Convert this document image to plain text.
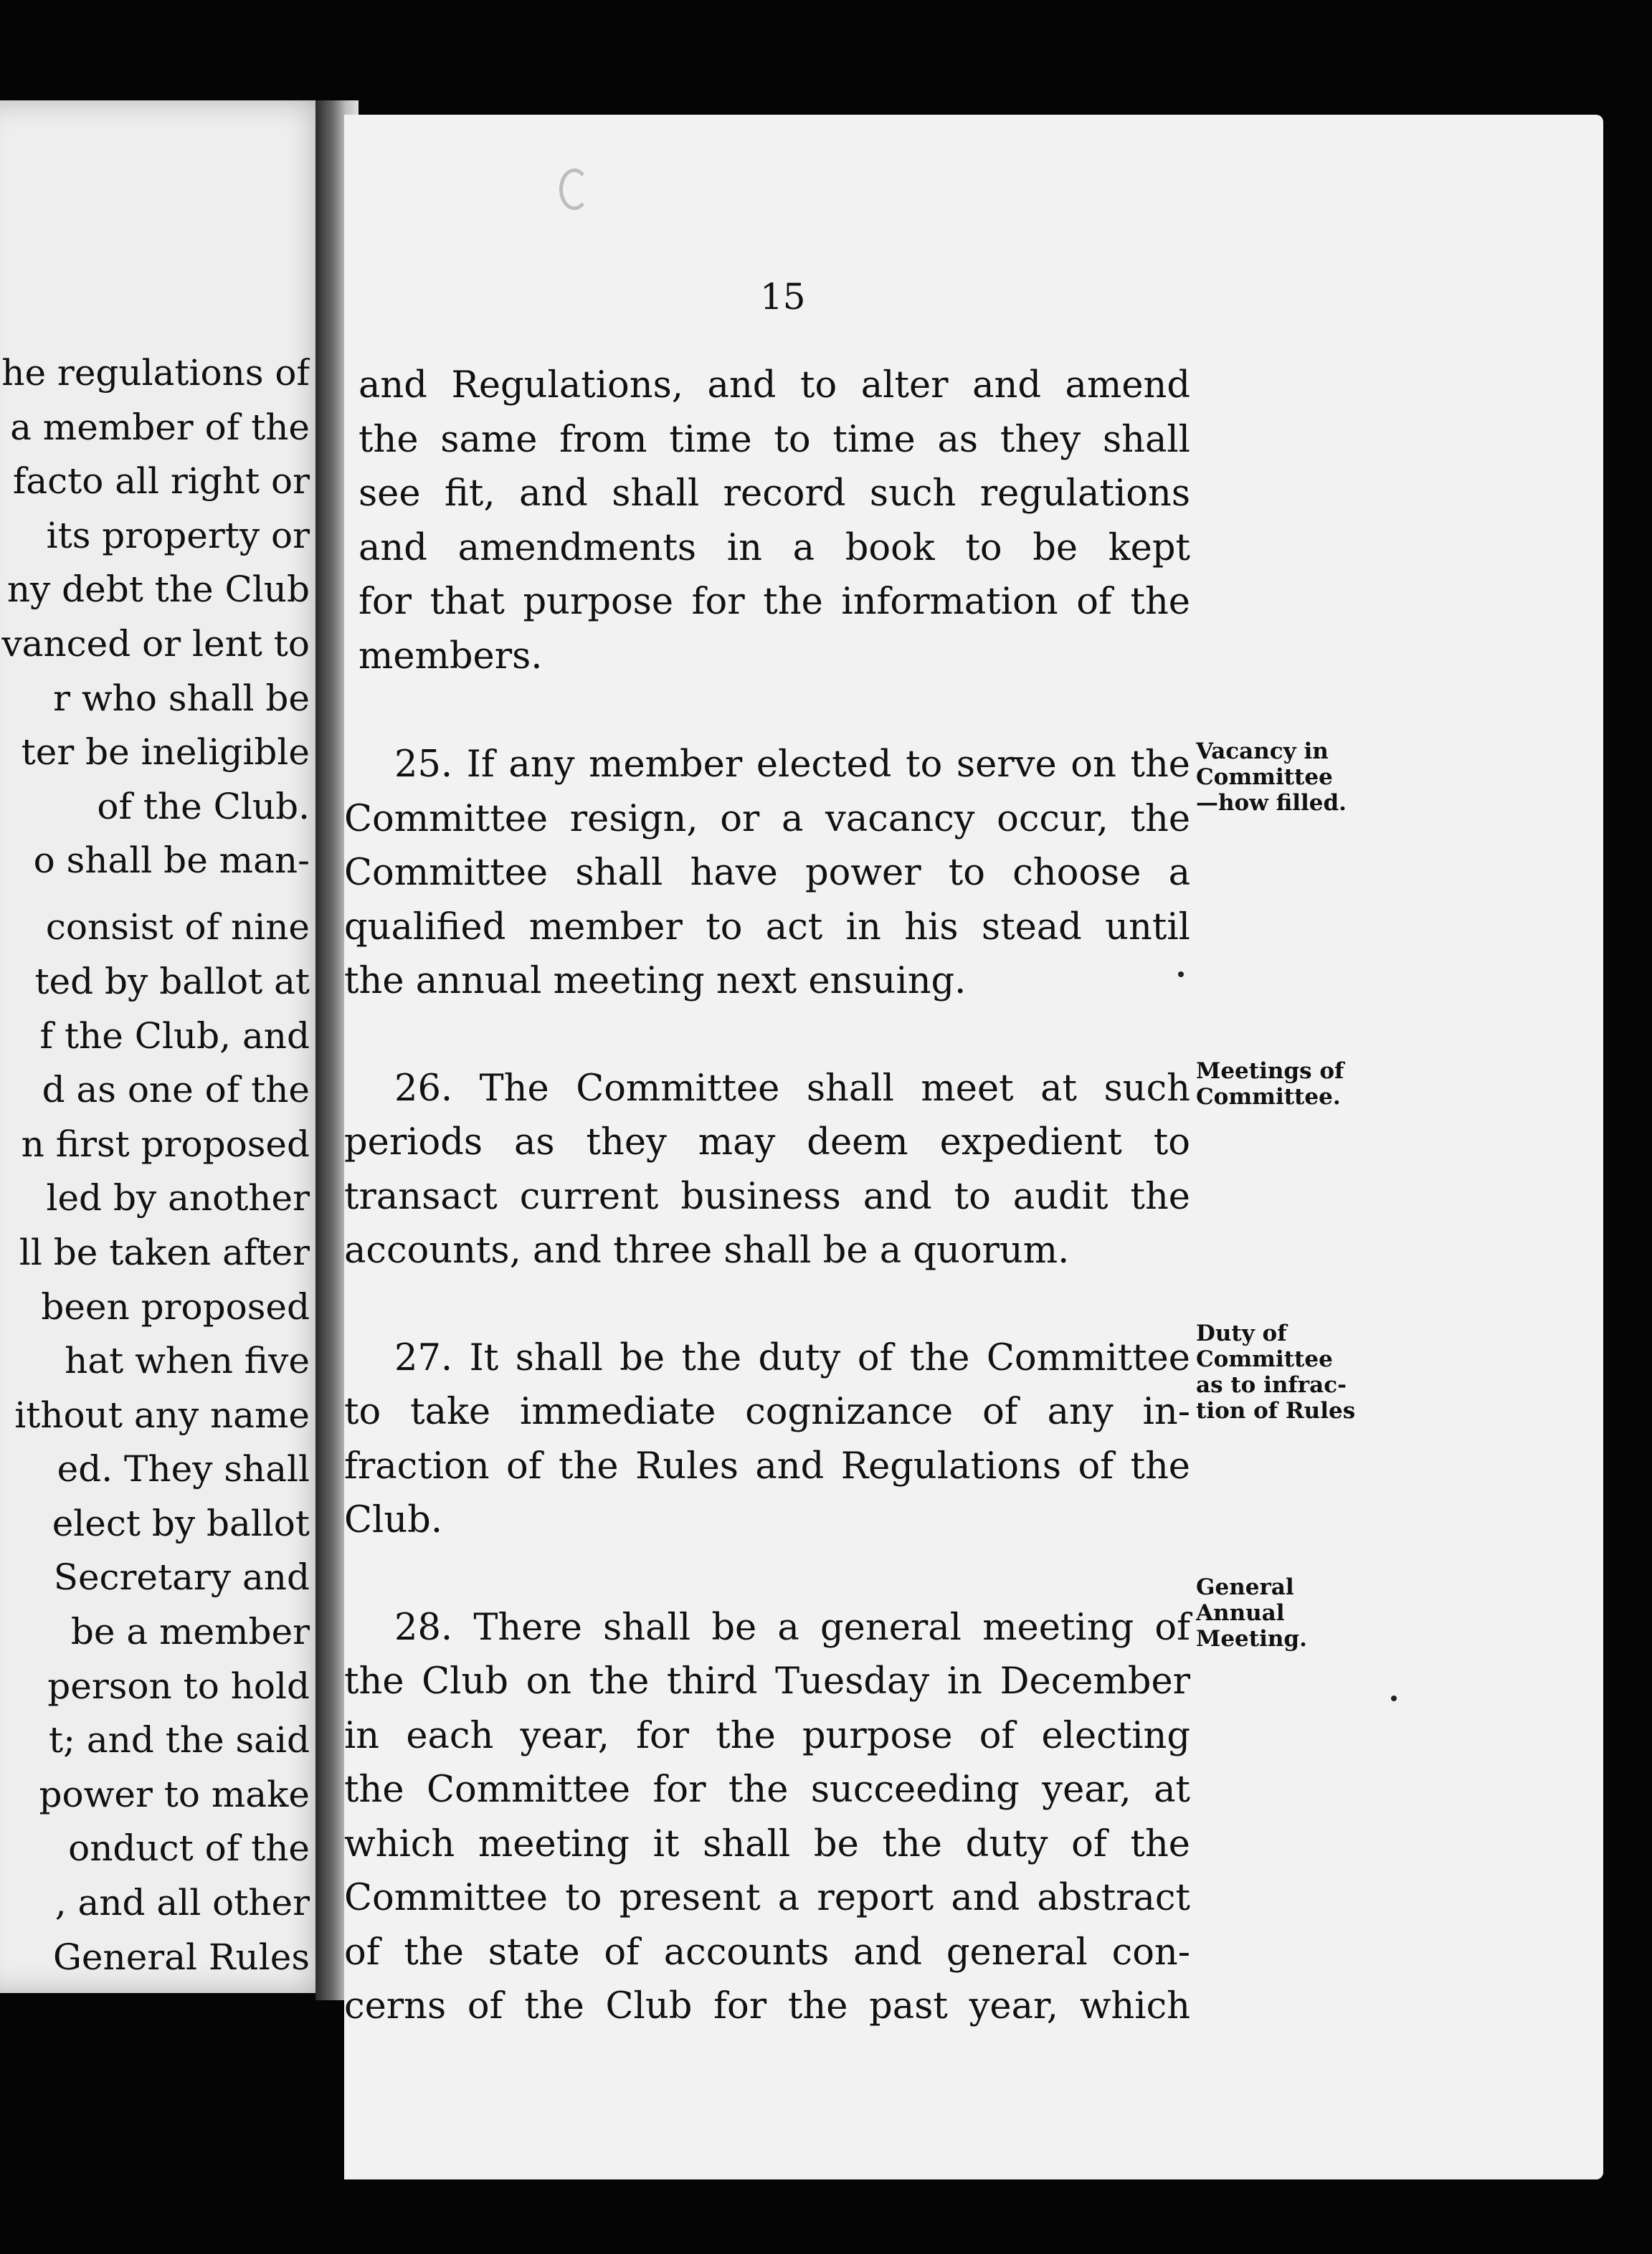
he regulations of
a member of the
facto all right or
its property or
ny debt the Club
vanced or lent to
r who shall be
ter be ineligible
of the Club.
o shall be man-
consist of nine
ted by ballot at
f the Club, and
d as one of the
n first proposed
led by another
ll be taken after
been proposed
hat when five
ithout any name
ed. They shall
elect by ballot
Secretary and
be a member
person to hold
t; and the said
power to make
onduct of the
, and all other
General Rules
15
and Regulations, and to alter and amend
the same from time to time as they shall
see fit, and shall record such regulations
and amendments in a book to be kept
for that purpose for the information of the
members.
25. If any member elected to serve on the
Committee resign, or a vacancy occur, the
Committee shall have power to choose a
qualified member to act in his stead until
the annual meeting next ensuing.
26. The Committee shall meet at such
periods as they may deem expedient to
transact current business and to audit the
accounts, and three shall be a quorum.
27. It shall be the duty of the Committee
to take immediate cognizance of any in-
fraction of the Rules and Regulations of the
Club.
28. There shall be a general meeting of
the Club on the third Tuesday in December
in each year, for the purpose of electing
the Committee for the succeeding year, at
which meeting it shall be the duty of the
Committee to present a report and abstract
of the state of accounts and general con-
cerns of the Club for the past year, which
Vacancy in
Committee
—how filled.
Meetings of
Committee.
Duty of
Committee
as to infrac-
tion of Rules
General
Annual
Meeting.
